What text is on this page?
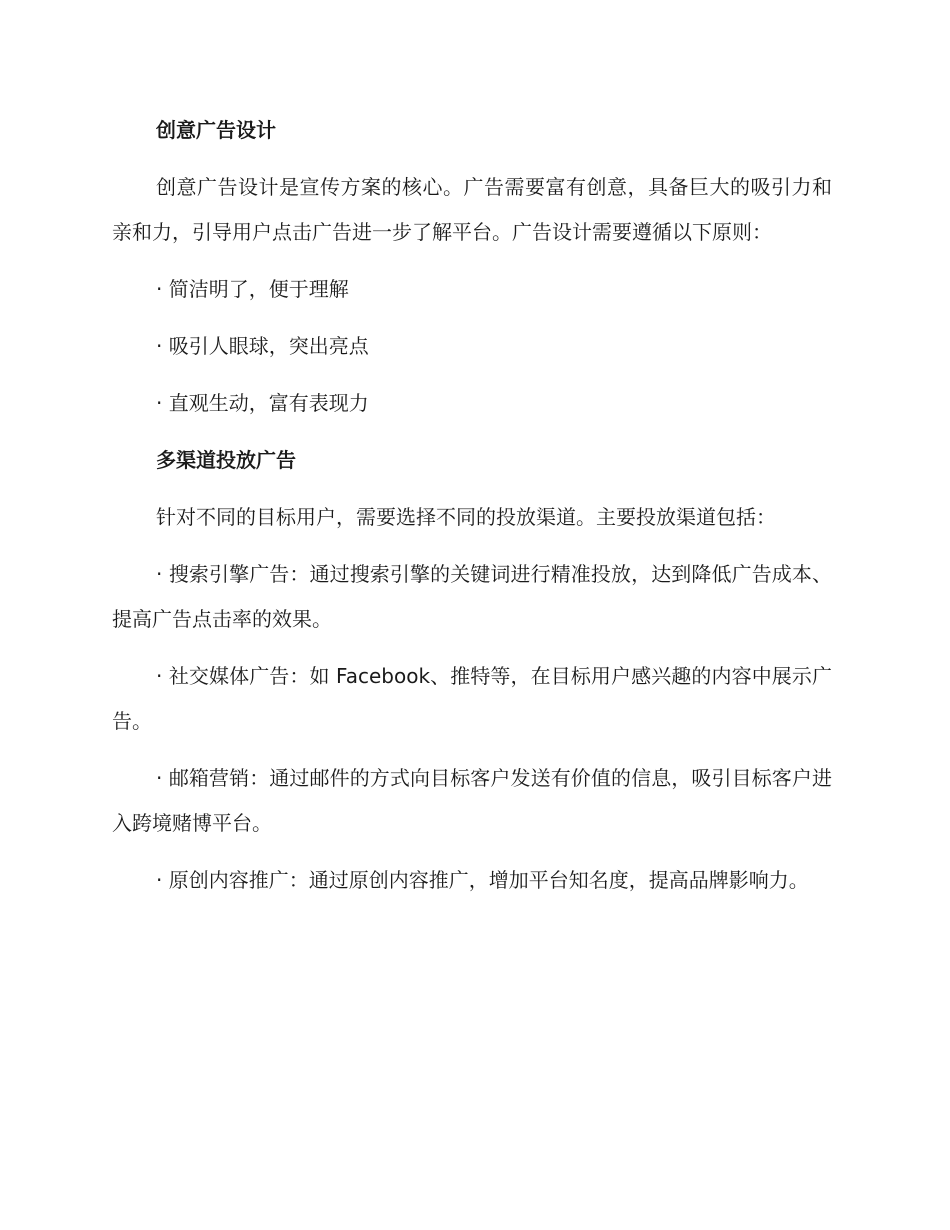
创意广告设计

创意广告设计是宣传方案的核心。广告需要富有创意，具备巨大的吸引力和亲和力，引导用户点击广告进一步了解平台。广告设计需要遵循以下原则：

· 简洁明了，便于理解

· 吸引人眼球，突出亮点

· 直观生动，富有表现力

多渠道投放广告

针对不同的目标用户，需要选择不同的投放渠道。主要投放渠道包括：

· 搜索引擎广告：通过搜索引擎的关键词进行精准投放，达到降低广告成本、提高广告点击率的效果。

· 社交媒体广告：如 Facebook、推特等，在目标用户感兴趣的内容中展示广告。

· 邮箱营销：通过邮件的方式向目标客户发送有价值的信息，吸引目标客户进入跨境赌博平台。

· 原创内容推广：通过原创内容推广，增加平台知名度，提高品牌影响力。
